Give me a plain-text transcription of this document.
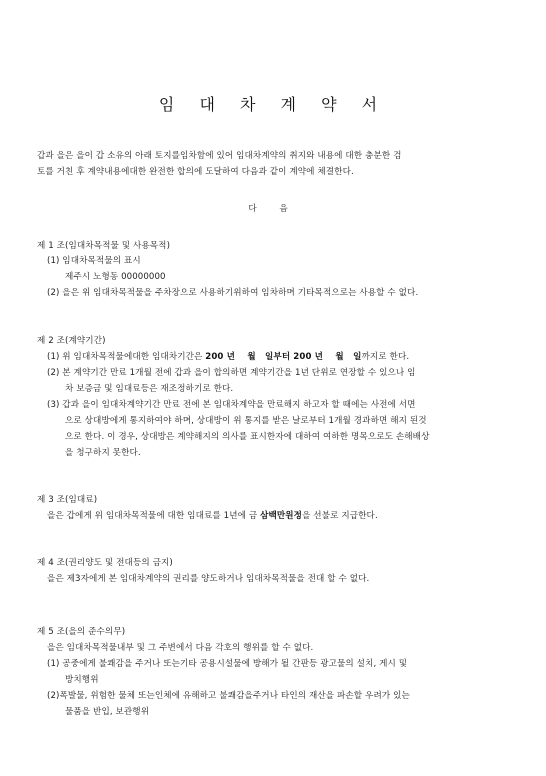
임 대 차 계 약 서
갑과 을은 을이 갑 소유의 아래 토지를임차함에 있어 임대차계약의 취지와 내용에 대한 충분한 검
토를 거친 후 계약내용에대한 완전한 합의에 도달하여 다음과 같이 계약에 체결한다.
다 음
제 1 조(임대차목적물 및 사용목적)
(1) 임대차목적물의 표시
제주시 노형동 00000000
(2) 을은 위 임대차목적물을 주차장으로 사용하기위하여 임차하며 기타목적으로는 사용할 수 없다.
제 2 조(계약기간)
(1) 위 임대차목적물에대한 임대차기간은 200 년    월   일부터 200 년    월   일까지로 한다.
(2) 본 계약기간 만료 1개월 전에 갑과 을이 합의하면 계약기간을 1년 단위로 연장할 수 있으나 임
차 보증금 및 임대료등은 재조정하기로 한다.
(3) 갑과 을이 임대차계약기간 만료 전에 본 임대차계약을 만료해지 하고자 할 때에는 사전에 서면
으로 상대방에게 통지하여야 하며, 상대방이 위 통지를 받은 날로부터 1개월 경과하면 해지 된것
으로 한다. 이 경우, 상대방은 계약해지의 의사를 표시한자에 대하여 여하한 명목으로도 손해배상
을 청구하지 못한다.
제 3 조(임대료)
을은 갑에게 위 임대차목적물에 대한 임대료를 1년에 금 삼백만원정을 선불로 지급한다.
제 4 조(권리양도 및 전대등의 금지)
을은 제3자에게 본 임대차계약의 권리를 양도하거나 임대차목적물을 전대 할 수 없다.
제 5 조(을의 준수의무)
을은 임대차목적물내부 및 그 주변에서 다음 각호의 행위를 할 수 없다.
(1) 공중에게 불쾌감을 주거나 또는기타 공용시설물에 방해가 될 간판등 광고물의 설치, 게시 및
방치행위
(2)폭발물, 위험한 물체 또는인체에 유해하고 불쾌감을주거나 타인의 재산을 파손할 우려가 있는
물품을 반입, 보관행위
